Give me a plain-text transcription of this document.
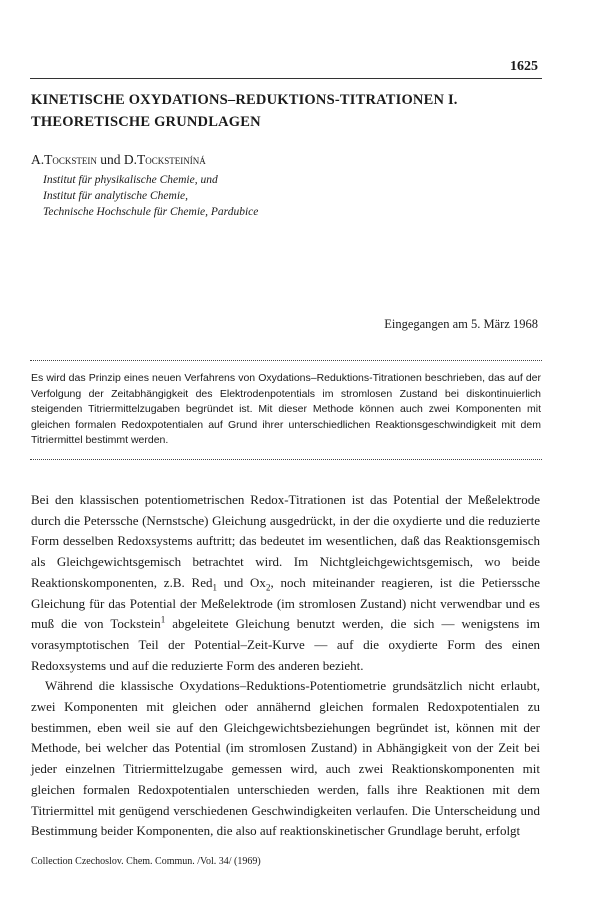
1625
KINETISCHE OXYDATIONS–REDUKTIONS-TITRATIONEN I.
THEORETISCHE GRUNDLAGEN
A.Tockstein und D.Tocksteiníná
Institut für physikalische Chemie, und
Institut für analytische Chemie,
Technische Hochschule für Chemie, Pardubice
Eingegangen am 5. März 1968
Es wird das Prinzip eines neuen Verfahrens von Oxydations–Reduktions-Titrationen beschrieben, das auf der Verfolgung der Zeitabhängigkeit des Elektrodenpotentials im stromlosen Zustand bei diskontinuierlich steigenden Titriermittelzugaben begründet ist. Mit dieser Methode können auch zwei Komponenten mit gleichen formalen Redoxpotentialen auf Grund ihrer unterschiedlichen Reaktionsgeschwindigkeit mit dem Titriermittel bestimmt werden.

Bei den klassischen potentiometrischen Redox-Titrationen ist das Potential der Meßelektrode durch die Peterssche (Nernstsche) Gleichung ausgedrückt, in der die oxydierte und die reduzierte Form desselben Redoxsystems auftritt; das bedeutet im wesentlichen, daß das Reaktionsgemisch als Gleichgewichtsgemisch betrachtet wird. Im Nichtgleichgewichtsgemisch, wo beide Reaktionskomponenten, z.B. Red$_1$ und $Ox_2$, noch miteinander reagieren, ist die Petierssche Gleichung für das Potential der Meßelektrode (im stromlosen Zustand) nicht verwendbar und es muß die von Tockstein$^1$ abgeleitete Gleichung benutzt werden, die sich — wenigstens im vorasymptotischen Teil der Potential–Zeit-Kurve — auf die oxydierte Form des einen Redoxsystems und auf die reduzierte Form des anderen bezieht.

Während die klassische Oxydations–Reduktions-Potentiometrie grundsätzlich nicht erlaubt, zwei Komponenten mit gleichen oder annähernd gleichen formalen Redoxpotentialen zu bestimmen, eben weil sie auf den Gleichgewichtsbeziehungen begründet ist, können mit der Methode, bei welcher das Potential (im stromlosen Zustand) in Abhängigkeit von der Zeit bei jeder einzelnen Titriermittelzugabe gemessen wird, auch zwei Reaktionskomponenten mit gleichen formalen Redoxpotentialen unterschieden werden, falls ihre Reaktionen mit dem Titriermittel mit genügend verschiedenen Geschwindigkeiten verlaufen. Die Unterscheidung und Bestimmung beider Komponenten, die also auf reaktionskinetischer Grundlage beruht, erfolgt

Collection Czechoslov. Chem. Commun. /Vol. 34/ (1969)
